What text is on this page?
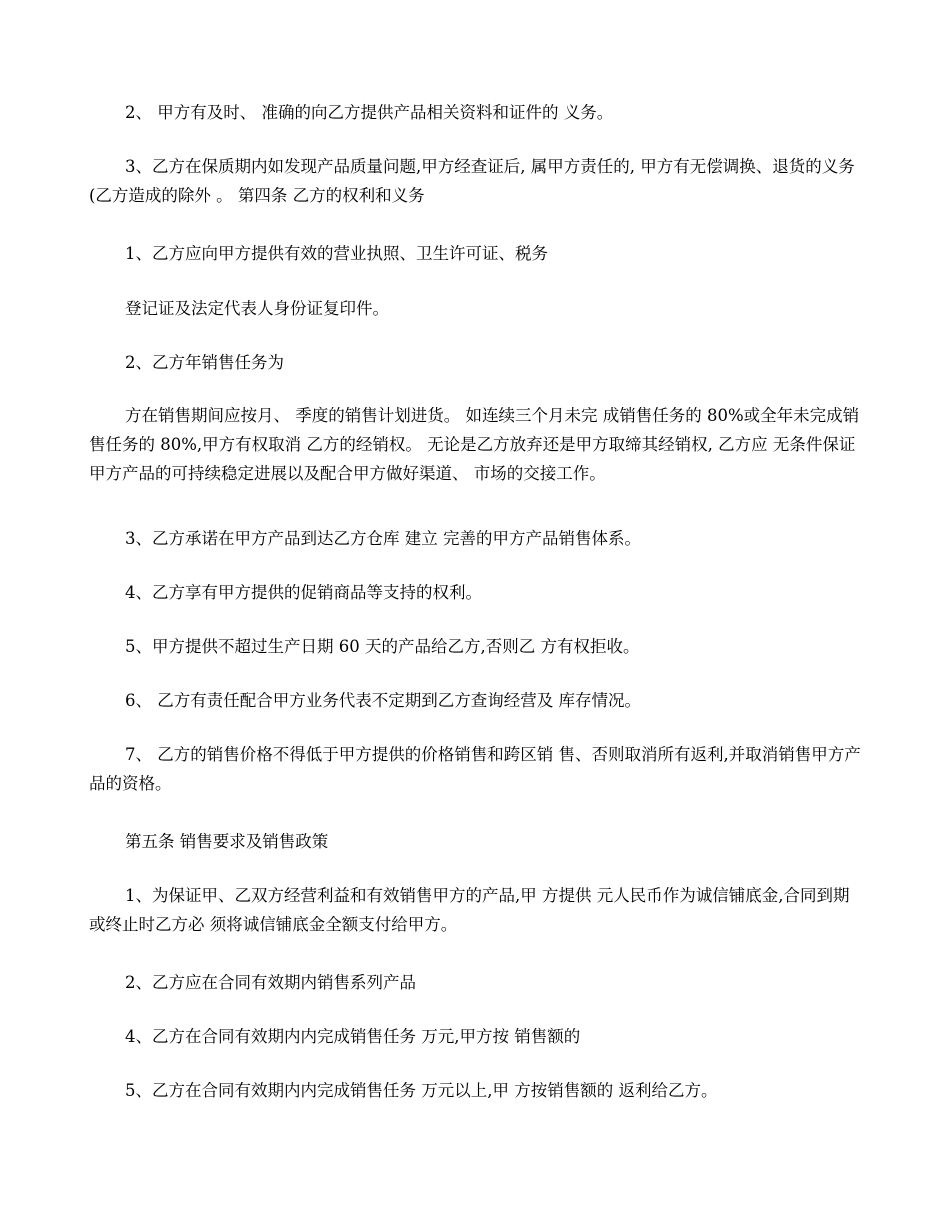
2、 甲方有及时、 准确的向乙方提供产品相关资料和证件的 义务。

3、乙方在保质期内如发现产品质量问题,甲方经查证后, 属甲方责任的, 甲方有无偿调换、退货的义务 (乙方造成的除外 。 第四条 乙方的权利和义务

1、乙方应向甲方提供有效的营业执照、卫生许可证、税务

登记证及法定代表人身份证复印件。

2、乙方年销售任务为

方在销售期间应按月、 季度的销售计划进货。 如连续三个月未完 成销售任务的 80%或全年未完成销售任务的 80%,甲方有权取消 乙方的经销权。 无论是乙方放弃还是甲方取缔其经销权, 乙方应 无条件保证甲方产品的可持续稳定进展以及配合甲方做好渠道、 市场的交接工作。

3、乙方承诺在甲方产品到达乙方仓库 建立 完善的甲方产品销售体系。

4、乙方享有甲方提供的促销商品等支持的权利。

5、甲方提供不超过生产日期 60 天的产品给乙方,否则乙 方有权拒收。

6、 乙方有责任配合甲方业务代表不定期到乙方查询经营及 库存情况。

7、 乙方的销售价格不得低于甲方提供的价格销售和跨区销 售、否则取消所有返利,并取消销售甲方产品的资格。

第五条 销售要求及销售政策

1、为保证甲、乙双方经营利益和有效销售甲方的产品,甲 方提供 元人民币作为诚信铺底金,合同到期或终止时乙方必 须将诚信铺底金全额支付给甲方。

2、乙方应在合同有效期内销售系列产品

4、乙方在合同有效期内内完成销售任务 万元,甲方按 销售额的

5、乙方在合同有效期内内完成销售任务 万元以上,甲 方按销售额的 返利给乙方。
